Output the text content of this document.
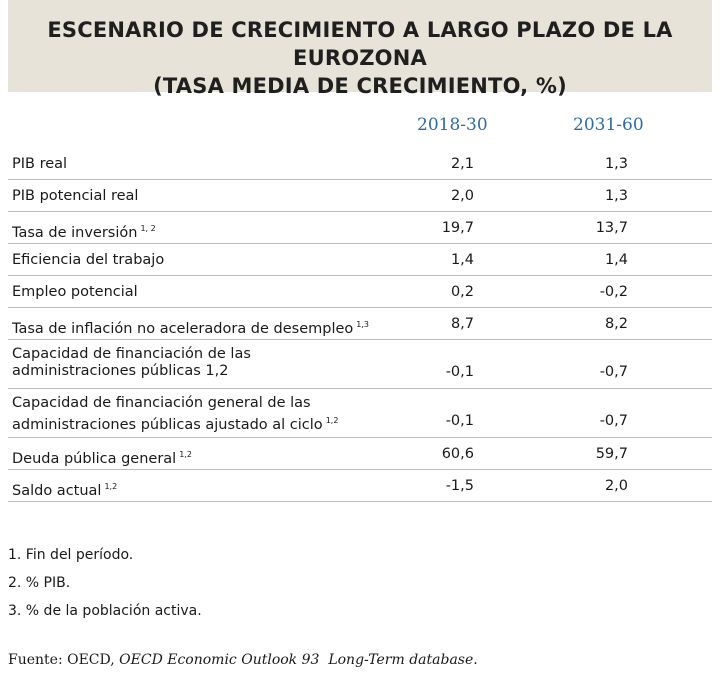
ESCENARIO DE CRECIMIENTO A LARGO PLAZO DE LA EUROZONA
(TASA MEDIA DE CRECIMIENTO, %)
2018-30	2031-60
PIB real	2,1	1,3
PIB potencial real	2,0	1,3
Tasa de inversión $^{1, 2}$	19,7	13,7
Eficiencia del trabajo	1,4	1,4
Empleo potencial	0,2	-0,2
Tasa de inflación no aceleradora de desempleo $^{1,3}$	8,7	8,2
Capacidad de financiación de las
administraciones públicas 1,2	-0,1	-0,7
Capacidad de financiación general de las
administraciones públicas ajustado al ciclo $^{1,2}$	-0,1	-0,7
Deuda pública general $^{1,2}$	60,6	59,7
Saldo actual $^{1,2}$	-1,5	2,0
1. Fin del período.
2. % PIB.
3. % de la población activa.
Fuente: OECD, OECD Economic Outlook 93 Long-Term database.
